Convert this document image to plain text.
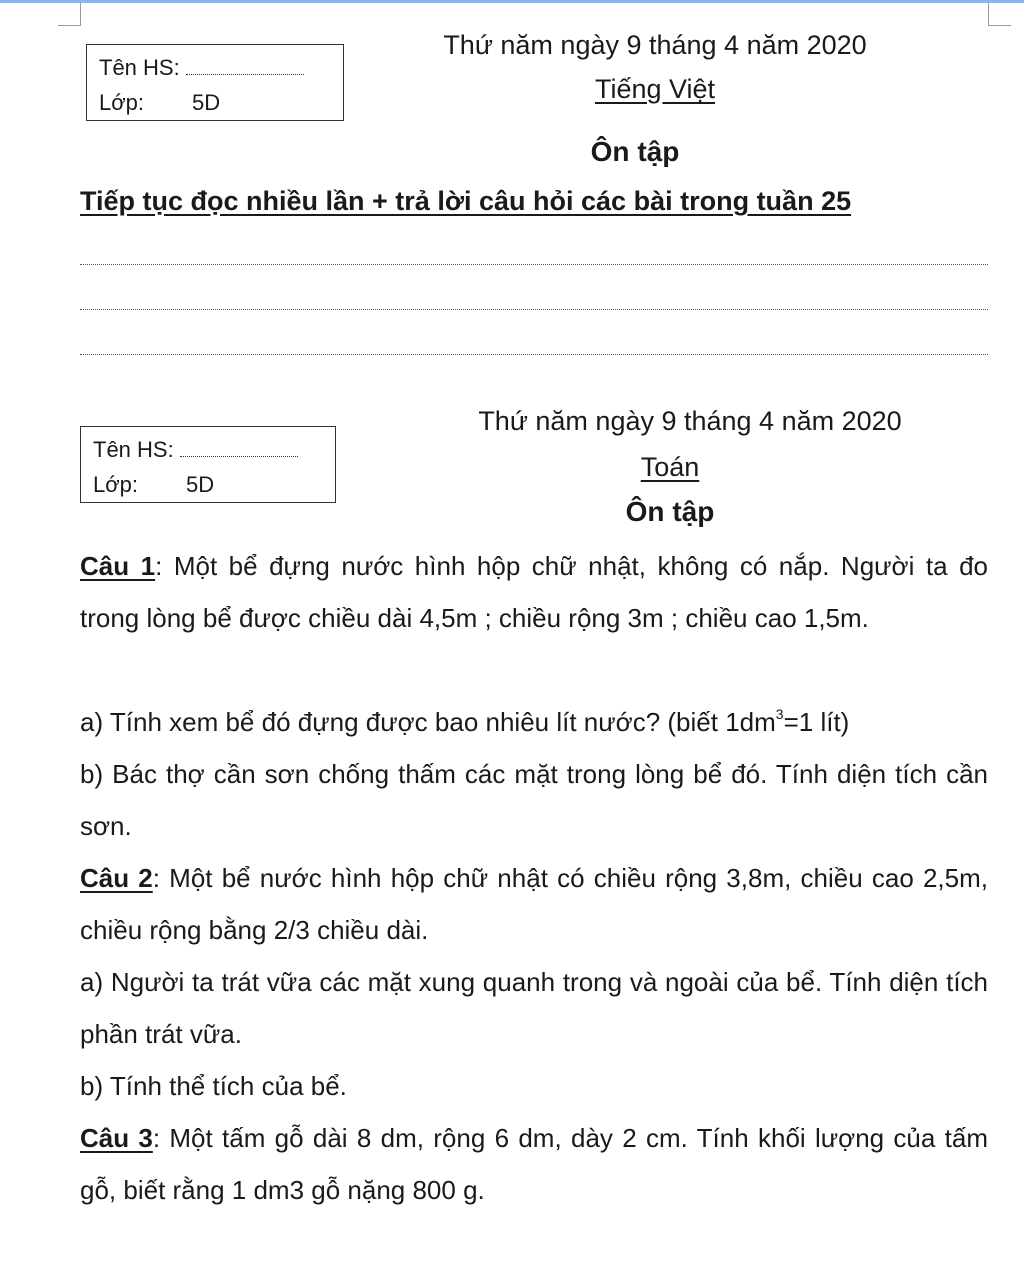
Tên HS:
Lớp: 5D
Thứ năm ngày 9 tháng 4 năm 2020
Tiếng Việt
Ôn tập
Tiếp tục đọc nhiều lần + trả lời câu hỏi các bài trong tuần 25
Tên HS:
Lớp: 5D
Thứ năm ngày 9 tháng 4 năm 2020
Toán
Ôn tập
Câu 1: Một bể đựng nước hình hộp chữ nhật, không có nắp. Người ta đo trong lòng bể được chiều dài 4,5m ; chiều rộng 3m ; chiều cao 1,5m.
a) Tính xem bể đó đựng được bao nhiêu lít nước? (biết $1dm^3=1$ lít)
b) Bác thợ cần sơn chống thấm các mặt trong lòng bể đó. Tính diện tích cần sơn.
Câu 2: Một bể nước hình hộp chữ nhật có chiều rộng 3,8m, chiều cao 2,5m, chiều rộng bằng 2/3 chiều dài.
a) Người ta trát vữa các mặt xung quanh trong và ngoài của bể. Tính diện tích phần trát vữa.
b) Tính thể tích của bể.
Câu 3: Một tấm gỗ dài 8 dm, rộng 6 dm, dày 2 cm. Tính khối lượng của tấm gỗ, biết rằng 1 dm3 gỗ nặng 800 g.
